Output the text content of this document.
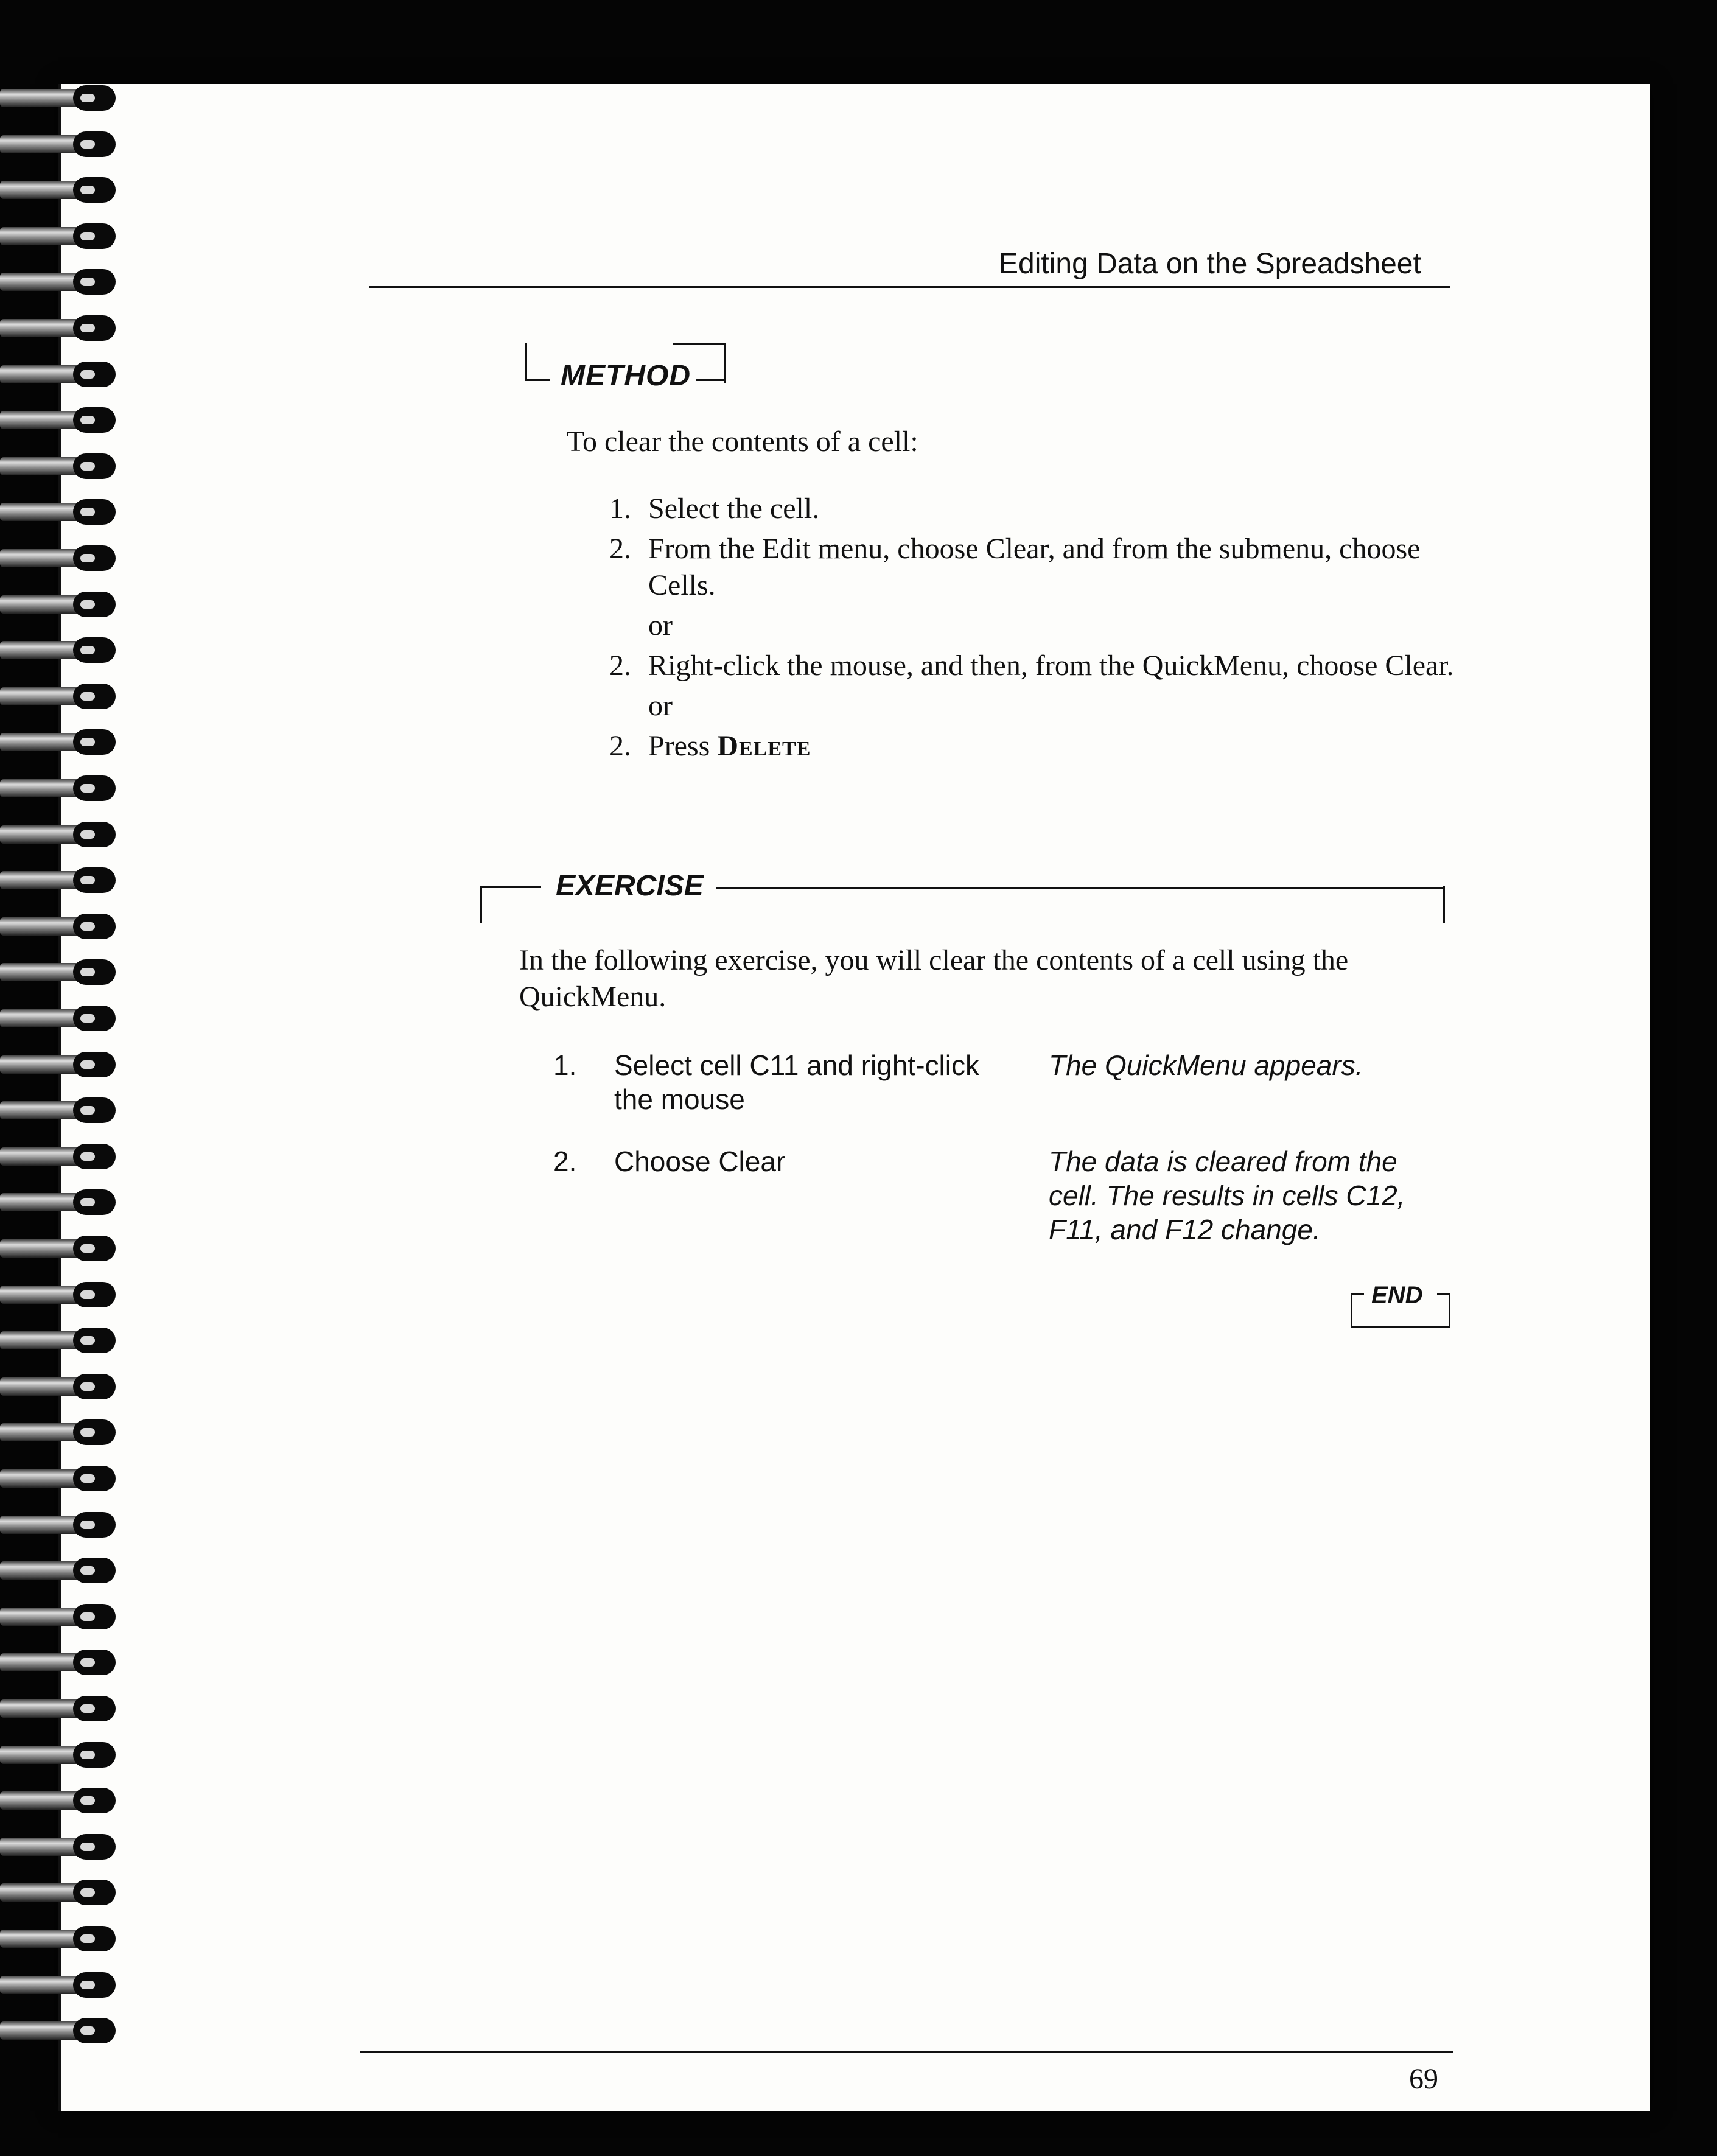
Editing Data on the Spreadsheet
METHOD
To clear the contents of a cell:
1. Select the cell.
2. From the Edit menu, choose Clear, and from the submenu, choose Cells.
or
2. Right-click the mouse, and then, from the QuickMenu, choose Clear.
or
2. Press Delete
EXERCISE
In the following exercise, you will clear the contents of a cell using the QuickMenu.
1. Select cell C11 and right-click the mouse
The QuickMenu appears.
2. Choose Clear	The data is cleared from the cell. The results in cells C12, F11, and F12 change.
END
69
